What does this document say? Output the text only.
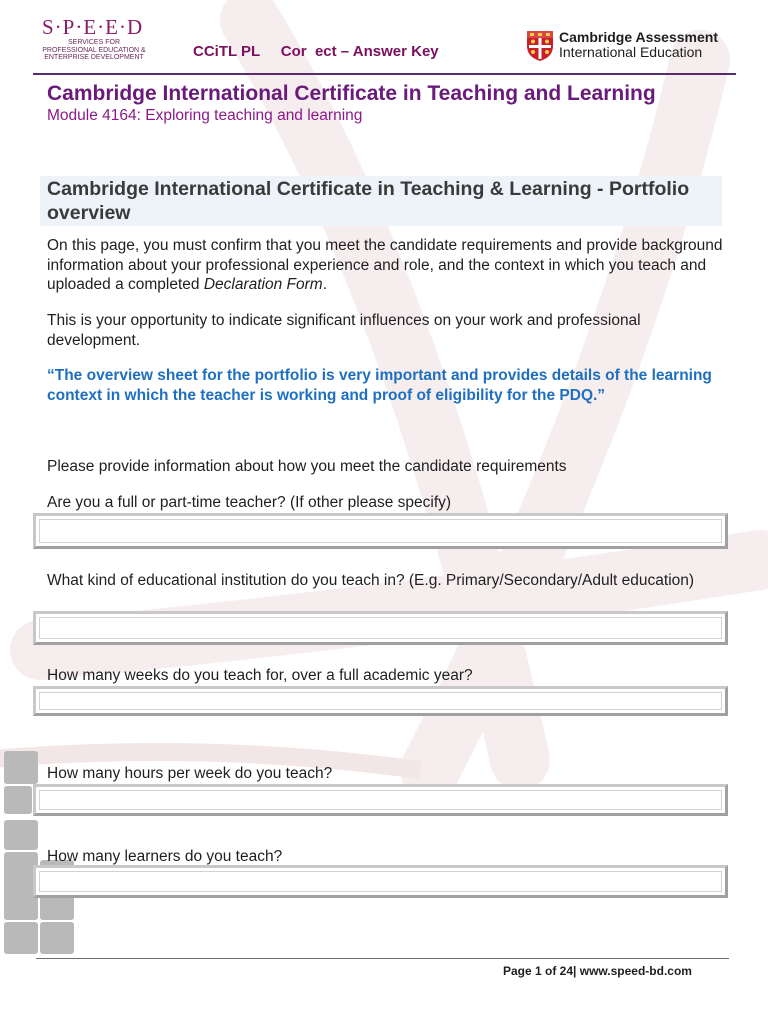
S·P·E·E·D
SERVICES FOR PROFESSIONAL EDUCATION & ENTERPRISE DEVELOPMENT	CCiTL PL     Cor  ect – Answer Key
Cambridge Assessment
International Education
Cambridge International Certificate in Teaching and Learning
Module 4164: Exploring teaching and learning
Cambridge International Certificate in Teaching & Learning - Portfolio overview
On this page, you must confirm that you meet the candidate requirements and provide background information about your professional experience and role, and the context in which you teach and uploaded a completed Declaration Form.
This is your opportunity to indicate significant influences on your work and professional development.
“The overview sheet for the portfolio is very important and provides details of the learning context in which the teacher is working and proof of eligibility for the PDQ.”
Please provide information about how you meet the candidate requirements
Are you a full or part-time teacher? (If other please specify)
What kind of educational institution do you teach in? (E.g. Primary/Secondary/Adult education)
How many weeks do you teach for, over a full academic year?
How many hours per week do you teach?
How many learners do you teach?
Page 1 of 24| www.speed-bd.com
